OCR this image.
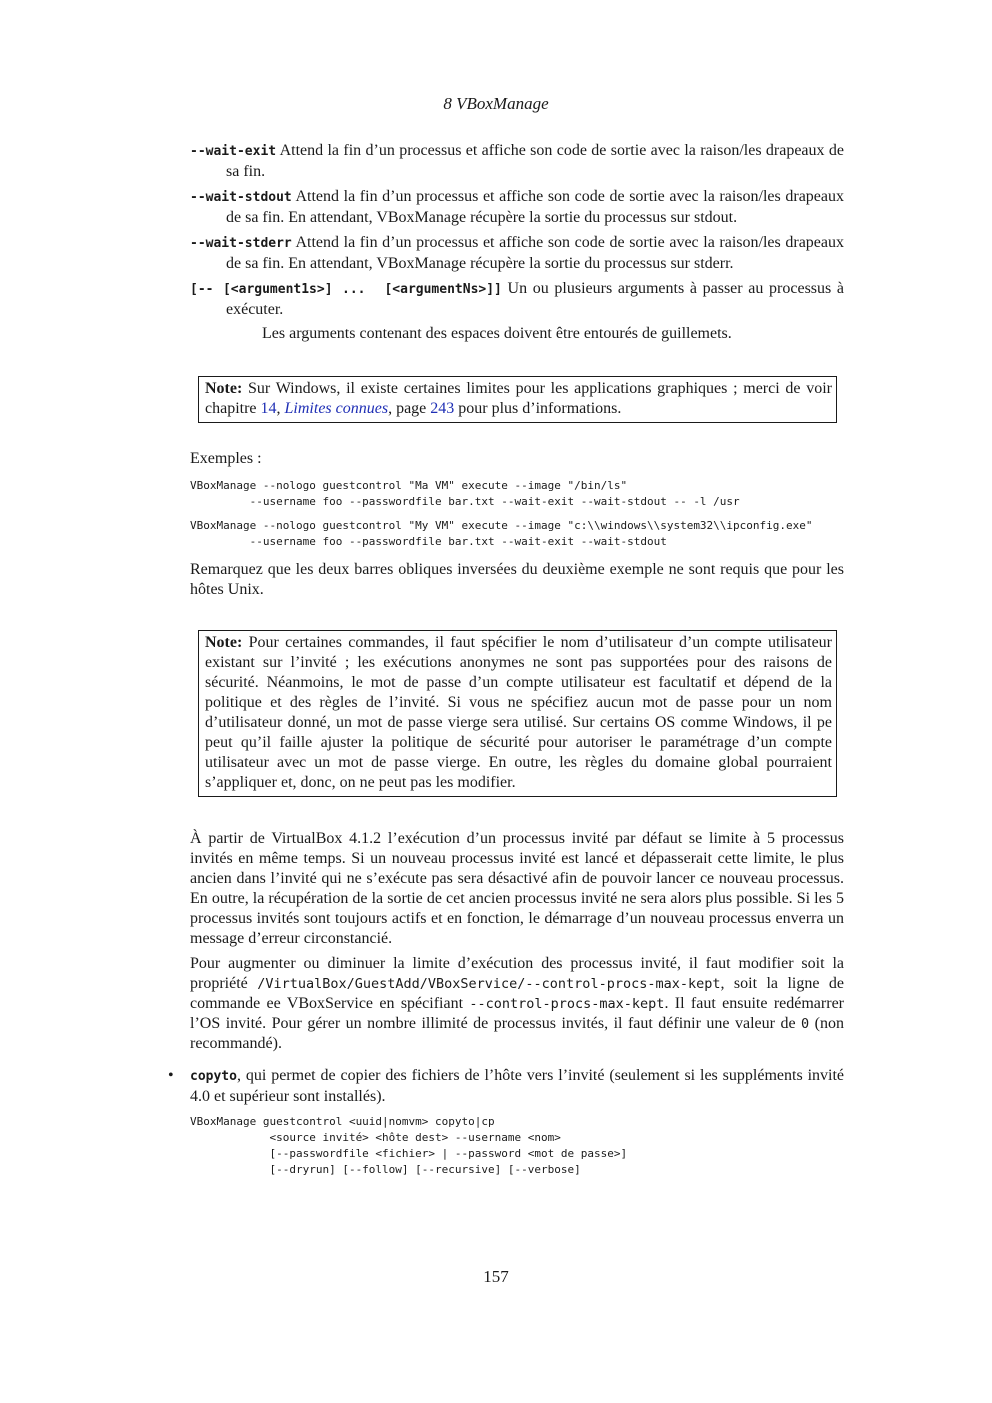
8 VBoxManage
--wait-exit Attend la fin d’un processus et affiche son code de sortie avec la raison/les drapeaux de sa fin.
--wait-stdout Attend la fin d’un processus et affiche son code de sortie avec la raison/les drapeaux de sa fin. En attendant, VBoxManage récupère la sortie du processus sur stdout.
--wait-stderr Attend la fin d’un processus et affiche son code de sortie avec la raison/les drapeaux de sa fin. En attendant, VBoxManage récupère la sortie du processus sur stderr.
[-- [<argument1s>] ...  [<argumentNs>]] Un ou plusieurs arguments à passer au processus à exécuter.
Les arguments contenant des espaces doivent être entourés de guillemets.
Note: Sur Windows, il existe certaines limites pour les applications graphiques ; merci de voir chapitre 14, Limites connues, page 243 pour plus d’informations.

Exemples :

VBoxManage --nologo guestcontrol "Ma VM" execute --image "/bin/ls"
--username foo --passwordfile bar.txt --wait-exit --wait-stdout -- -l /usr
VBoxManage --nologo guestcontrol "My VM" execute --image "c:\\windows\\system32\\ipconfig.exe"
--username foo --passwordfile bar.txt --wait-exit --wait-stdout

Remarquez que les deux barres obliques inversées du deuxième exemple ne sont requis que pour les hôtes Unix.

Note: Pour certaines commandes, il faut spécifier le nom d’utilisateur d’un compte utilisateur existant sur l’invité ; les exécutions anonymes ne sont pas supportées pour des raisons de sécurité. Néanmoins, le mot de passe d’un compte utilisateur est facultatif et dépend de la politique et des règles de l’invité. Si vous ne spécifiez aucun mot de passe pour un nom d’utilisateur donné, un mot de passe vierge sera utilisé. Sur certains OS comme Windows, il pe peut qu’il faille ajuster la politique de sécurité pour autoriser le paramétrage d’un compte utilisateur avec un mot de passe vierge. En outre, les règles du domaine global pourraient s’appliquer et, donc, on ne peut pas les modifier.

À partir de VirtualBox 4.1.2 l’exécution d’un processus invité par défaut se limite à 5 processus invités en même temps. Si un nouveau processus invité est lancé et dépasserait cette limite, le plus ancien dans l’invité qui ne s’exécute pas sera désactivé afin de pouvoir lancer ce nouveau processus. En outre, la récupération de la sortie de cet ancien processus invité ne sera alors plus possible. Si les 5 processus invités sont toujours actifs et en fonction, le démarrage d’un nouveau processus enverra un message d’erreur circonstancié.

Pour augmenter ou diminuer la limite d’exécution des processus invité, il faut modifier soit la propriété /VirtualBox/GuestAdd/VBoxService/--control-procs-max-kept, soit la ligne de commande ee VBoxService en spécifiant --control-procs-max-kept. Il faut ensuite redémarrer l’OS invité. Pour gérer un nombre illimité de processus invités, il faut définir une valeur de 0 (non recommandé).

• copyto, qui permet de copier des fichiers de l’hôte vers l’invité (seulement si les suppléments invité 4.0 et supérieur sont installés).
VBoxManage guestcontrol <uuid|nomvm> copyto|cp
<source invité> <hôte dest> --username <nom>
[--passwordfile <fichier> | --password <mot de passe>]
[--dryrun] [--follow] [--recursive] [--verbose]
157
